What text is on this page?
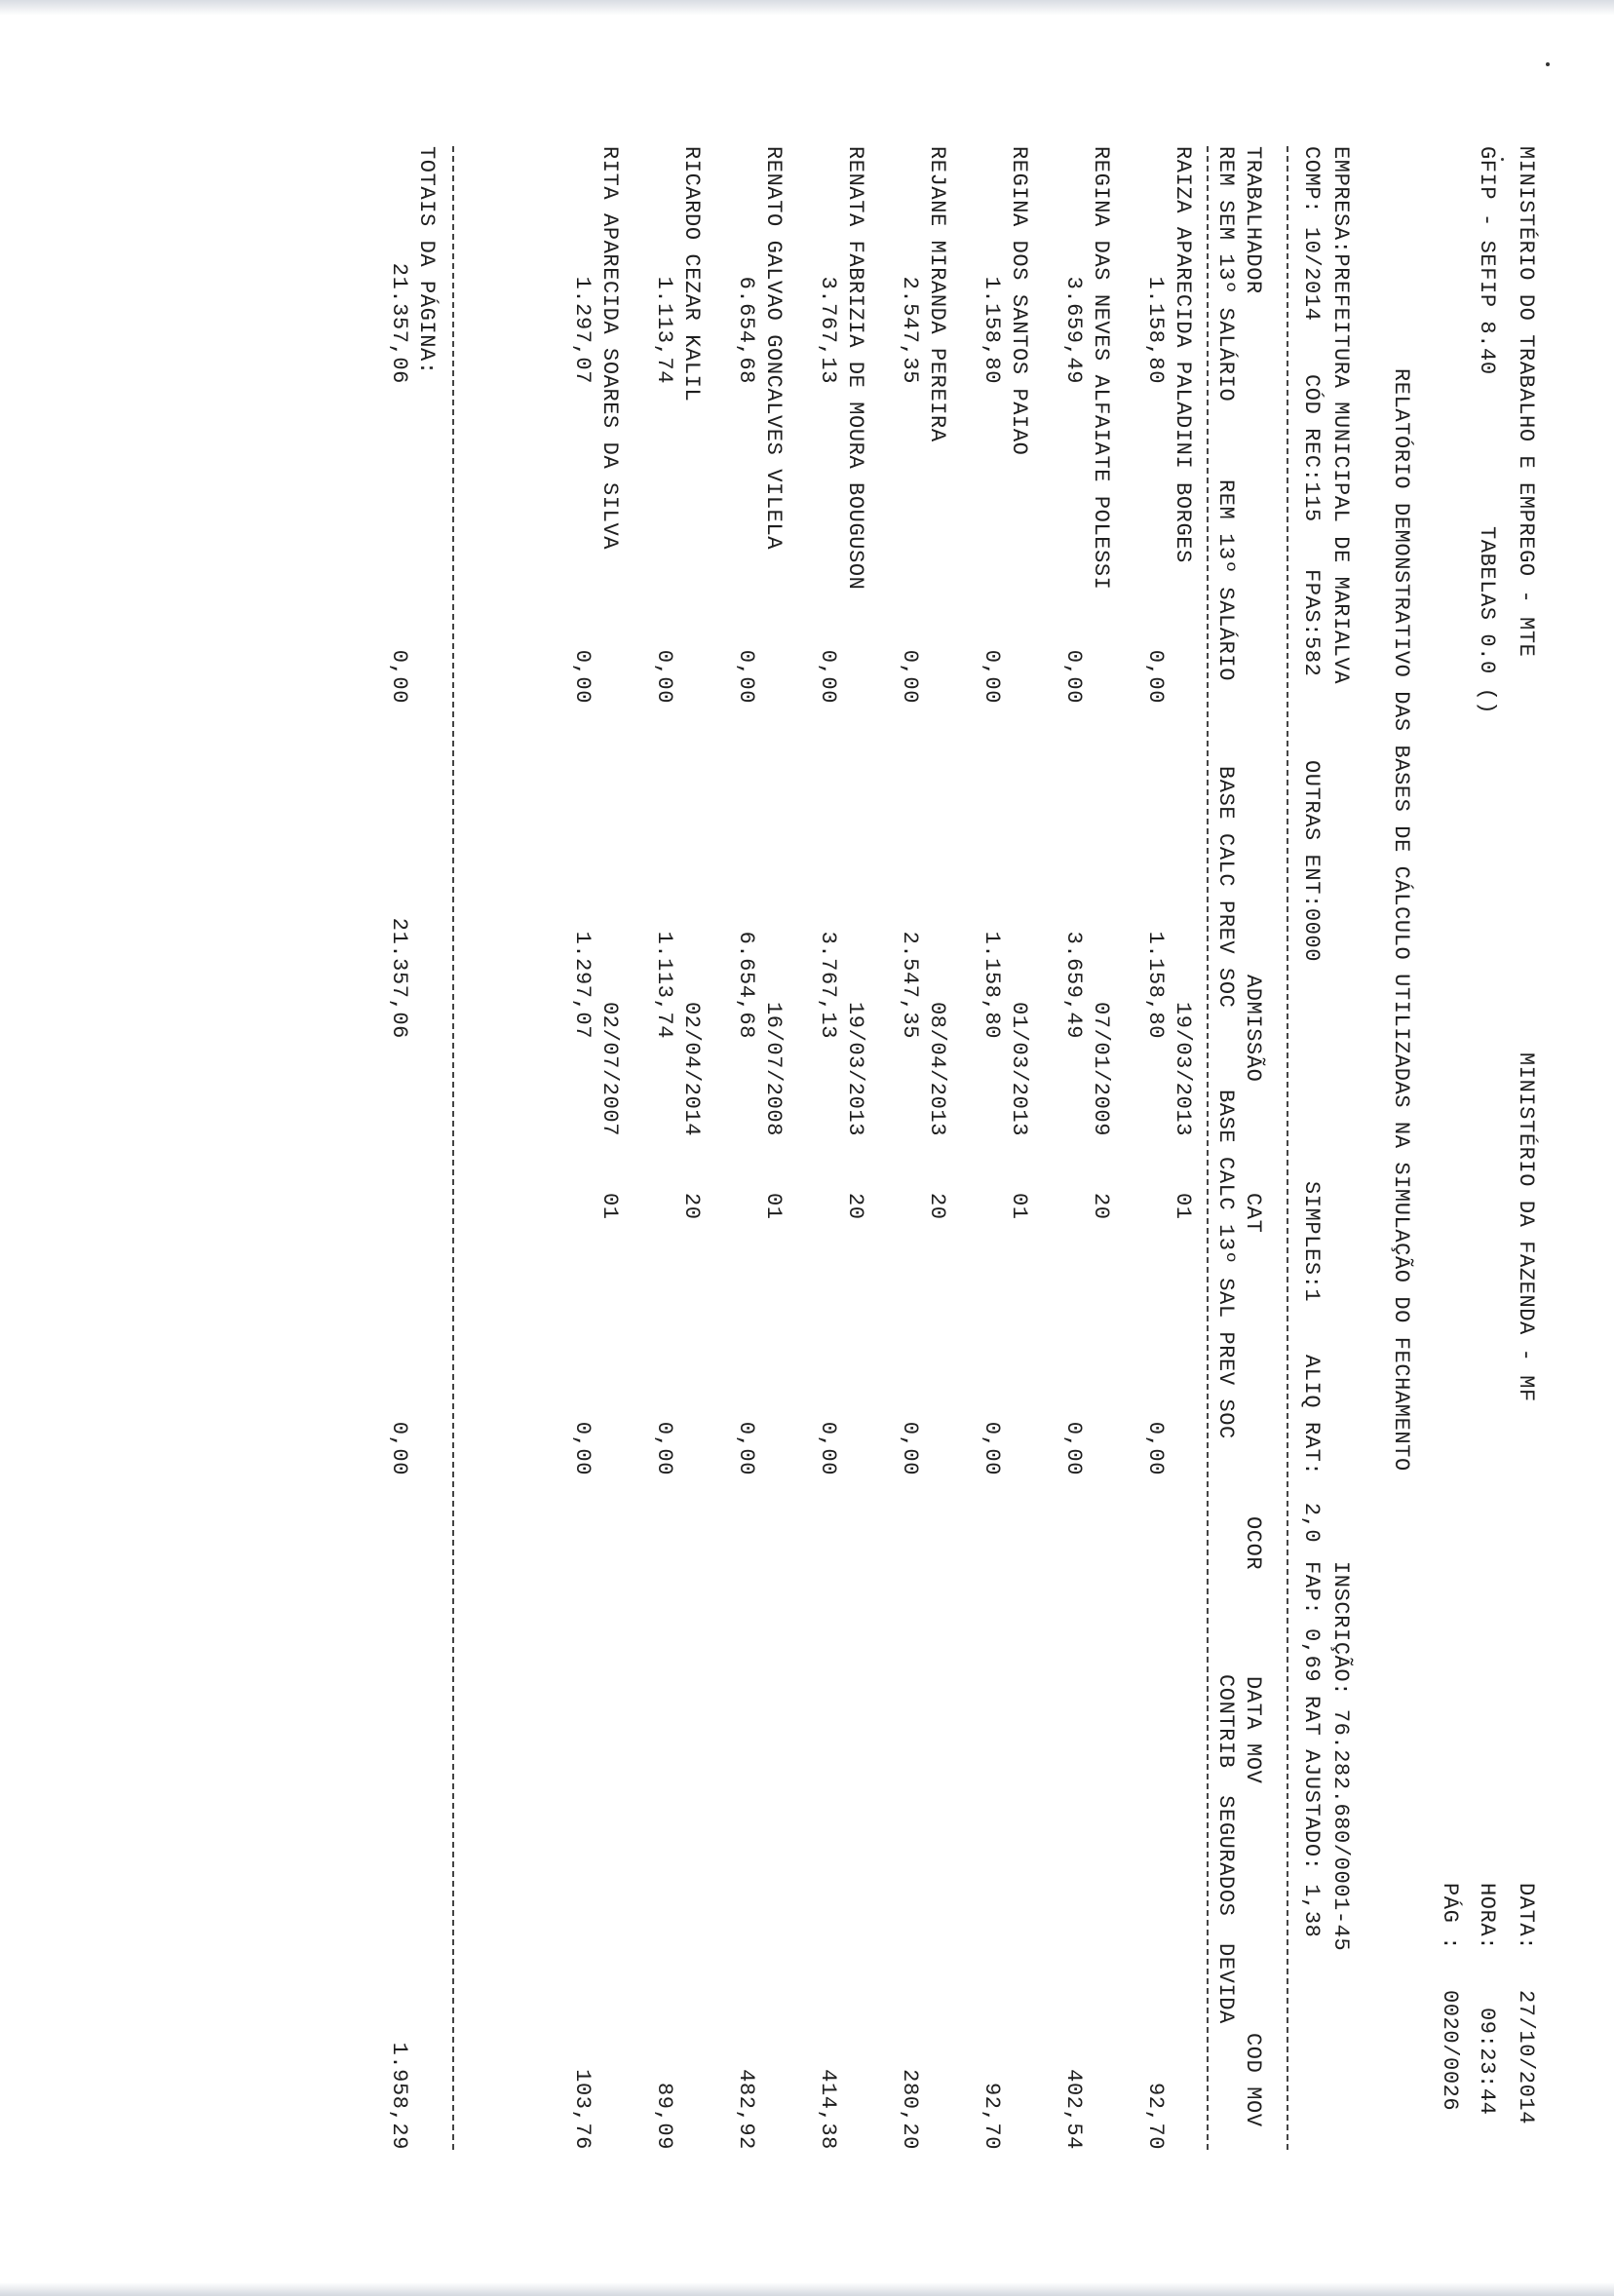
MINISTÉRIO DO TRABALHO E EMPREGO - MTE
MINISTÉRIO DA FAZENDA - MF
DATA:
27/10/2014
GFIP - SEFIP 8.40
TABELAS 0.0 ()
HORA:
09:23:44
PÁG :
0020/0026
RELATÓRIO DEMONSTRATIVO DAS BASES DE CÁLCULO UTILIZADAS NA SIMULAÇÃO DO FECHAMENTO
EMPRESA:PREFEITURA MUNICIPAL DE MARIALVA
INSCRIÇÃO: 76.282.680/0001-45
COMP: 10/2014
CÓD REC:115
FPAS:582
OUTRAS ENT:0000
SIMPLES:1
ALIQ RAT:  2,0
FAP: 0,69 RAT AJUSTADO: 1,38
TRABALHADOR
ADMISSÃO
CAT
OCOR
DATA MOV
COD MOV
REM SEM 13º SALÁRIO
REM 13º SALÁRIO
BASE CALC PREV SOC
BASE CALC 13º SAL PREV SOC
CONTRIB  SEGURADOS  DEVIDA

RAIZA APARECIDA PALADINI BORGES

19/03/2013

01

1.158,80

0,00

1.158,80

0,00

92,70

REGINA DAS NEVES ALFAIATE POLESSI

07/01/2009

20

3.659,49

0,00

3.659,49

0,00

402,54

REGINA DOS SANTOS PAIAO

01/03/2013

01

1.158,80

0,00

1.158,80

0,00

92,70

REJANE MIRANDA PEREIRA

08/04/2013

20

2.547,35

0,00

2.547,35

0,00

280,20

RENATA FABRIZIA DE MOURA BOUGUSON

19/03/2013

20

3.767,13

0,00

3.767,13

0,00

414,38

RENATO GALVAO GONCALVES VILELA

16/07/2008

01

6.654,68

0,00

6.654,68

0,00

482,92

RICARDO CEZAR KALIL

02/04/2014

20

1.113,74

0,00

1.113,74

0,00

89,09

RITA APARECIDA SOARES DA SILVA

02/07/2007

01

1.297,07

0,00

1.297,07

0,00

103,76

TOTAIS DA PÁGINA:

21.357,06

0,00

21.357,06

0,00

1.958,29
